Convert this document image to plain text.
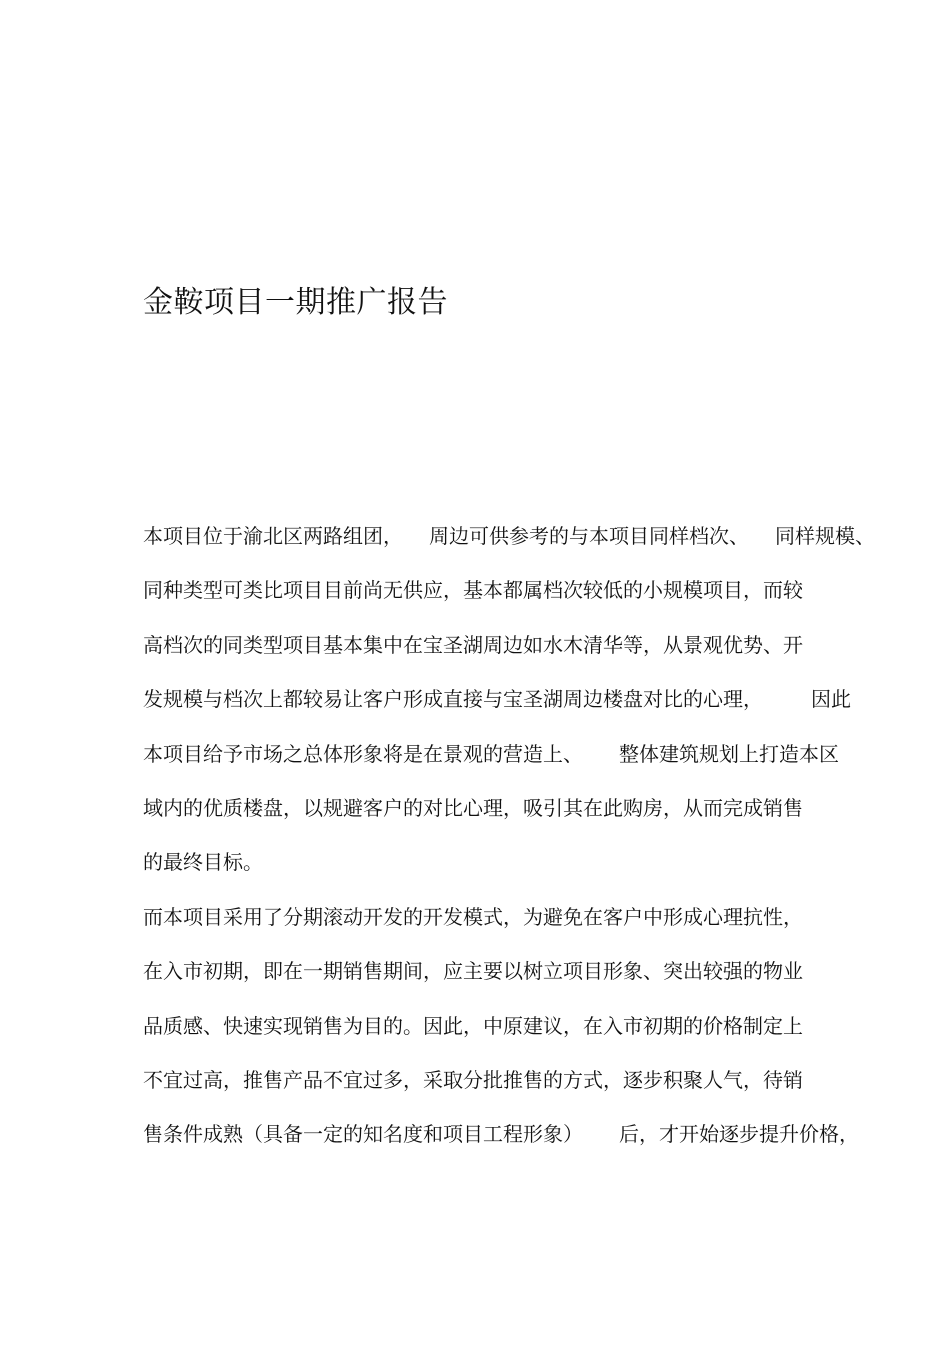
金鞍项目一期推广报告
本项目位于渝北区两路组团， 周边可供参考的与本项目同样档次、 同样规模、
同种类型可类比项目目前尚无供应，基本都属档次较低的小规模项目，而较
高档次的同类型项目基本集中在宝圣湖周边如水木清华等，从景观优势、开
发规模与档次上都较易让客户形成直接与宝圣湖周边楼盘对比的心理， 因此
本项目给予市场之总体形象将是在景观的营造上、 整体建筑规划上打造本区
域内的优质楼盘，以规避客户的对比心理，吸引其在此购房，从而完成销售
的最终目标。
而本项目采用了分期滚动开发的开发模式，为避免在客户中形成心理抗性，
在入市初期，即在一期销售期间，应主要以树立项目形象、突出较强的物业
品质感、快速实现销售为目的。因此，中原建议，在入市初期的价格制定上
不宜过高，推售产品不宜过多，采取分批推售的方式，逐步积聚人气，待销
售条件成熟（具备一定的知名度和项目工程形象） 后，才开始逐步提升价格，
